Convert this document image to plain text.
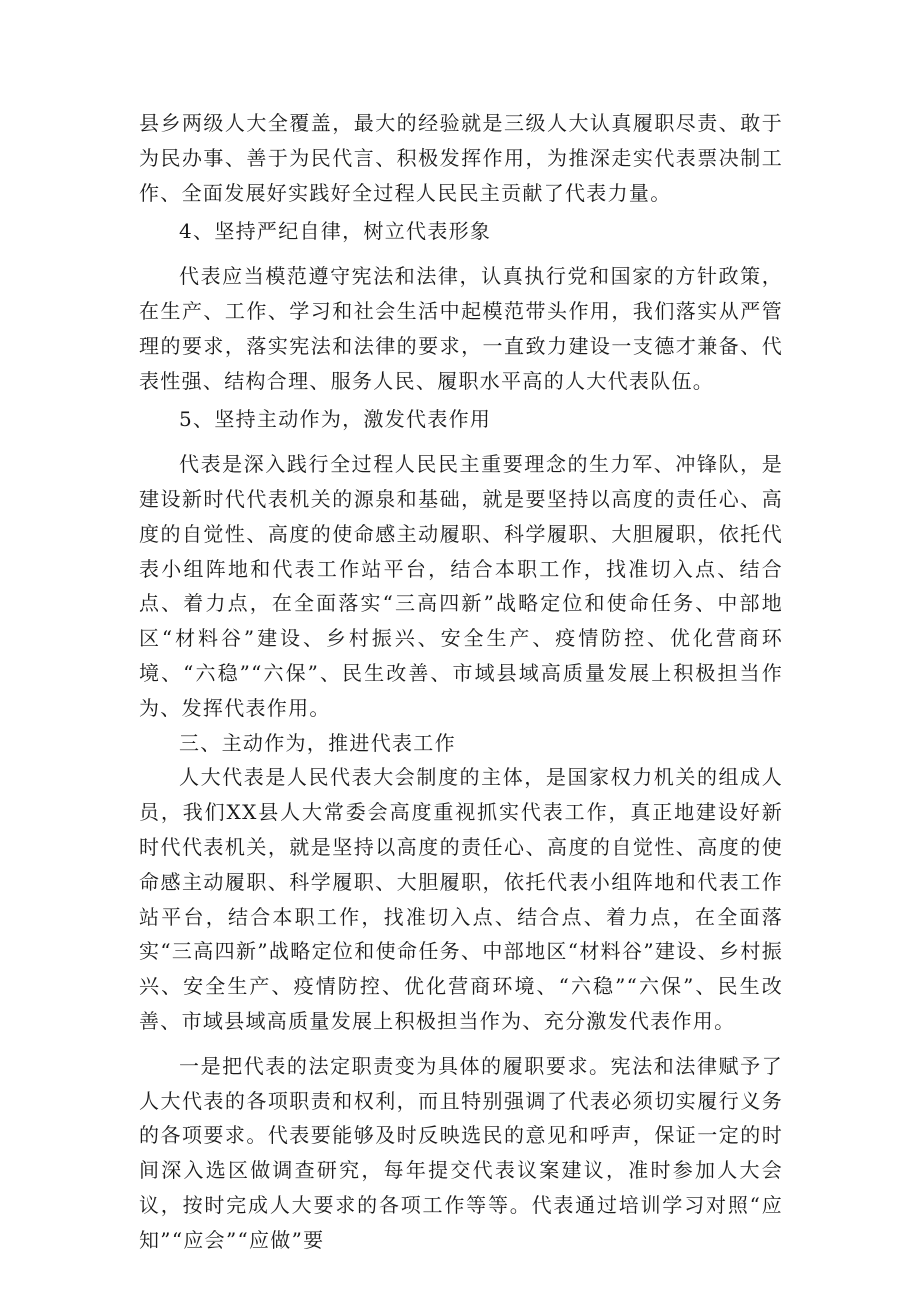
县乡两级人大全覆盖，最大的经验就是三级人大认真履职尽责、敢于为民办事、善于为民代言、积极发挥作用，为推深走实代表票决制工作、全面发展好实践好全过程人民民主贡献了代表力量。

4、坚持严纪自律，树立代表形象

代表应当模范遵守宪法和法律，认真执行党和国家的方针政策，在生产、工作、学习和社会生活中起模范带头作用，我们落实从严管理的要求，落实宪法和法律的要求，一直致力建设一支德才兼备、代表性强、结构合理、服务人民、履职水平高的人大代表队伍。

5、坚持主动作为，激发代表作用

代表是深入践行全过程人民民主重要理念的生力军、冲锋队，是建设新时代代表机关的源泉和基础，就是要坚持以高度的责任心、高度的自觉性、高度的使命感主动履职、科学履职、大胆履职，依托代表小组阵地和代表工作站平台，结合本职工作，找准切入点、结合点、着力点，在全面落实“三高四新”战略定位和使命任务、中部地区“材料谷”建设、乡村振兴、安全生产、疫情防控、优化营商环境、“六稳”“六保”、民生改善、市域县域高质量发展上积极担当作为、发挥代表作用。

三、主动作为，推进代表工作

人大代表是人民代表大会制度的主体，是国家权力机关的组成人员，我们XX县人大常委会高度重视抓实代表工作，真正地建设好新时代代表机关，就是坚持以高度的责任心、高度的自觉性、高度的使命感主动履职、科学履职、大胆履职，依托代表小组阵地和代表工作站平台，结合本职工作，找准切入点、结合点、着力点，在全面落实“三高四新”战略定位和使命任务、中部地区“材料谷”建设、乡村振兴、安全生产、疫情防控、优化营商环境、“六稳”“六保”、民生改善、市域县域高质量发展上积极担当作为、充分激发代表作用。

一是把代表的法定职责变为具体的履职要求。宪法和法律赋予了人大代表的各项职责和权利，而且特别强调了代表必须切实履行义务的各项要求。代表要能够及时反映选民的意见和呼声，保证一定的时间深入选区做调查研究，每年提交代表议案建议，准时参加人大会议，按时完成人大要求的各项工作等等。代表通过培训学习对照“应知”“应会”“应做”要
